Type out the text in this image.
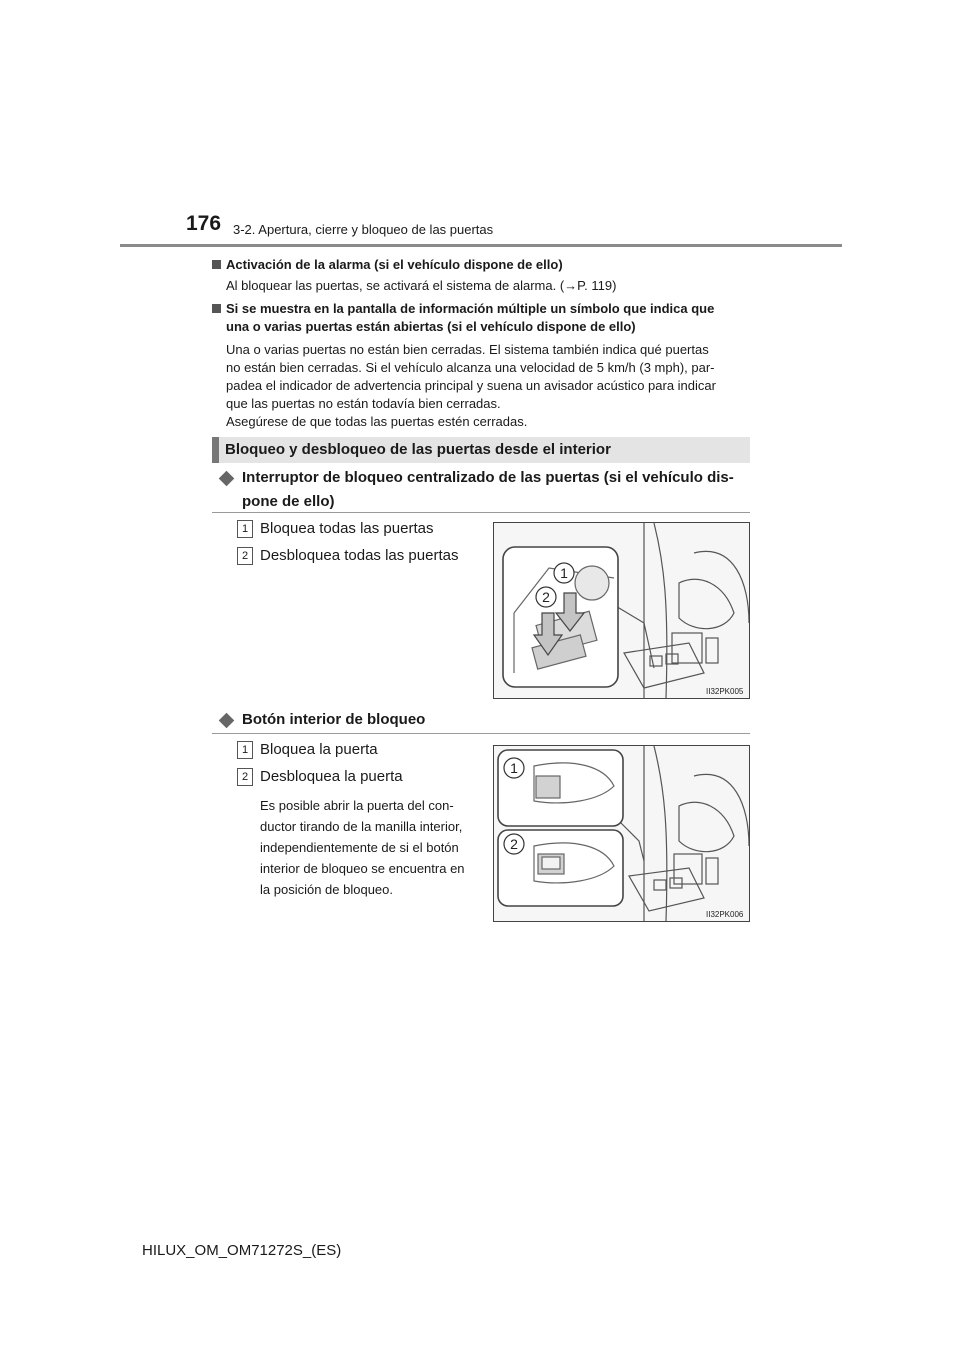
176 3-2. Apertura, cierre y bloqueo de las puertas
Activación de la alarma (si el vehículo dispone de ello)
Al bloquear las puertas, se activará el sistema de alarma. (→P. 119)
Si se muestra en la pantalla de información múltiple un símbolo que indica que
una o varias puertas están abiertas (si el vehículo dispone de ello)
Una o varias puertas no están bien cerradas. El sistema también indica qué puertas
no están bien cerradas. Si el vehículo alcanza una velocidad de 5 km/h (3 mph), par-
padea el indicador de advertencia principal y suena un avisador acústico para indicar
que las puertas no están todavía bien cerradas.
Asegúrese de que todas las puertas estén cerradas.
Bloqueo y desbloqueo de las puertas desde el interior
Interruptor de bloqueo centralizado de las puertas (si el vehículo dis-
pone de ello)
1 Bloquea todas las puertas
2 Desbloquea todas las puertas
1
2
II32PK005
Botón interior de bloqueo
1 Bloquea la puerta
2 Desbloquea la puerta
Es posible abrir la puerta del con-
ductor tirando de la manilla interior,
independientemente de si el botón
interior de bloqueo se encuentra en
la posición de bloqueo.
1
2
II32PK006
HILUX_OM_OM71272S_(ES)
